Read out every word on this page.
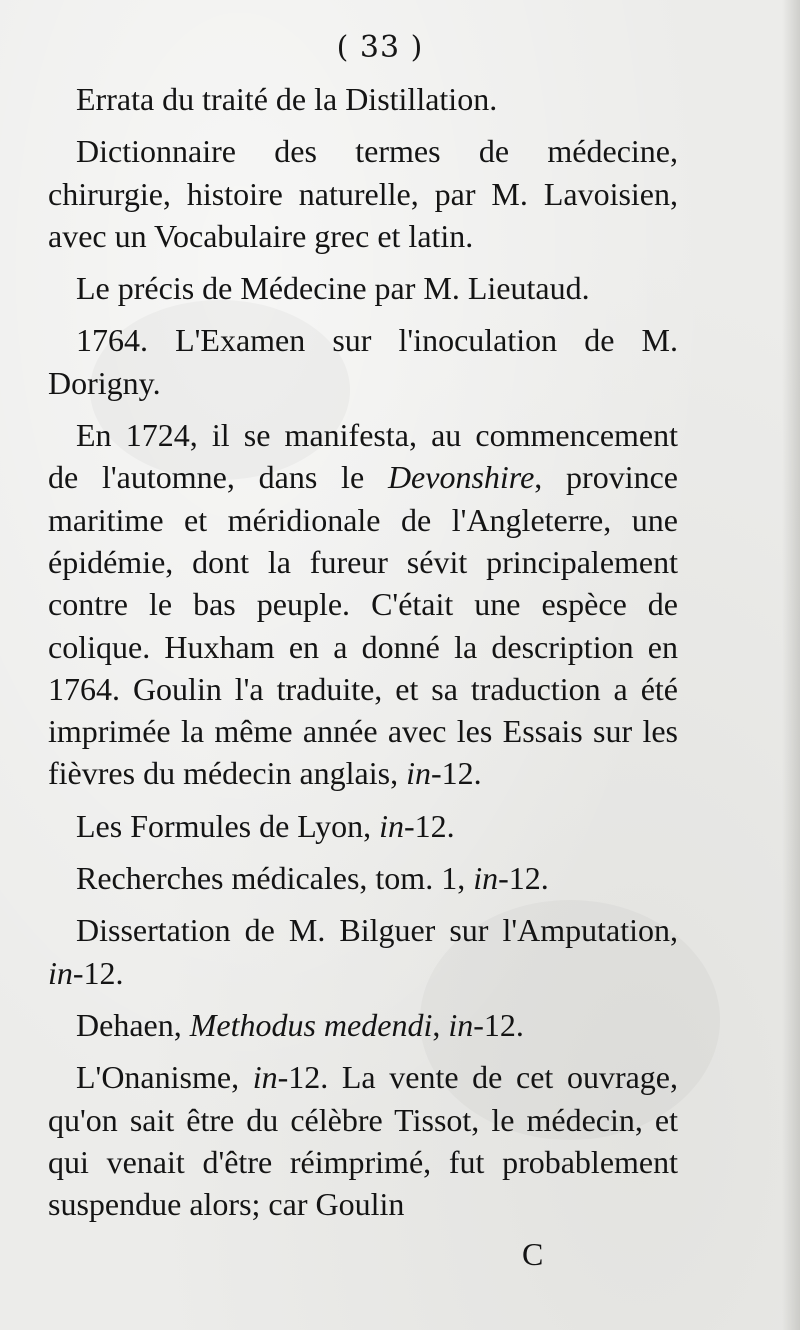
( 33 )

Errata du traité de la Distillation.

Dictionnaire des termes de médecine, chirurgie, histoire naturelle, par M. Lavoisien, avec un Vocabulaire grec et latin.

Le précis de Médecine par M. Lieutaud.

1764. L'Examen sur l'inoculation de M. Dorigny.

En 1724, il se manifesta, au commencement de l'automne, dans le Devonshire, province maritime et méridionale de l'Angleterre, une épidémie, dont la fureur sévit principalement contre le bas peuple. C'était une espèce de colique. Huxham en a donné la description en 1764. Goulin l'a traduite, et sa traduction a été imprimée la même année avec les Essais sur les fièvres du médecin anglais, in-12.

Les Formules de Lyon, in-12.

Recherches médicales, tom. 1, in-12.

Dissertation de M. Bilguer sur l'Amputation, in-12.

Dehaen, Methodus medendi, in-12.

L'Onanisme, in-12. La vente de cet ouvrage, qu'on sait être du célèbre Tissot, le médecin, et qui venait d'être réimprimé, fut probablement suspendue alors; car Goulin

C
